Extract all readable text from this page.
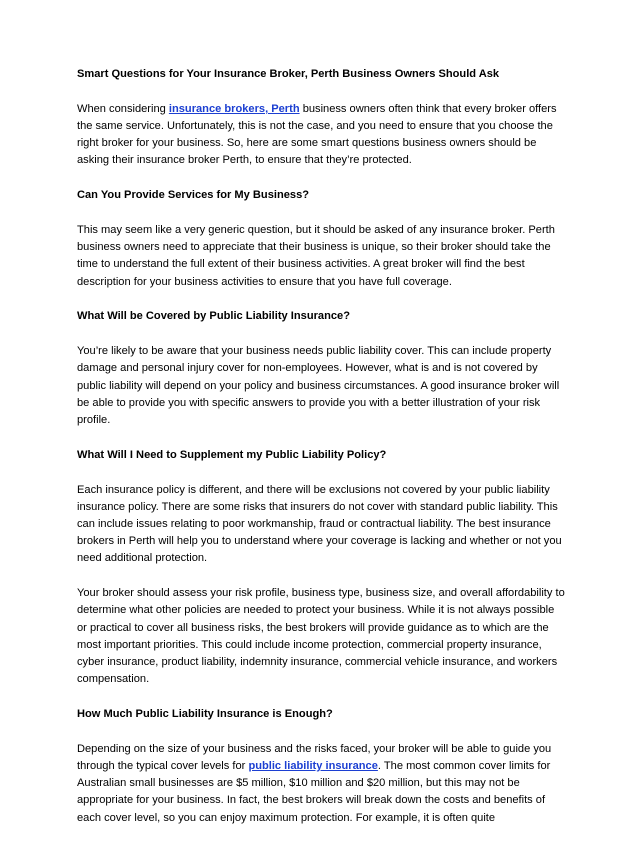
Smart Questions for Your Insurance Broker, Perth Business Owners Should Ask

When considering insurance brokers, Perth business owners often think that every broker offers the same service. Unfortunately, this is not the case, and you need to ensure that you choose the right broker for your business. So, here are some smart questions business owners should be asking their insurance broker Perth, to ensure that they’re protected.

Can You Provide Services for My Business?

This may seem like a very generic question, but it should be asked of any insurance broker. Perth business owners need to appreciate that their business is unique, so their broker should take the time to understand the full extent of their business activities. A great broker will find the best description for your business activities to ensure that you have full coverage.

What Will be Covered by Public Liability Insurance?

You’re likely to be aware that your business needs public liability cover. This can include property damage and personal injury cover for non-employees. However, what is and is not covered by public liability will depend on your policy and business circumstances. A good insurance broker will be able to provide you with specific answers to provide you with a better illustration of your risk profile.

What Will I Need to Supplement my Public Liability Policy?

Each insurance policy is different, and there will be exclusions not covered by your public liability insurance policy. There are some risks that insurers do not cover with standard public liability. This can include issues relating to poor workmanship, fraud or contractual liability. The best insurance brokers in Perth will help you to understand where your coverage is lacking and whether or not you need additional protection.

Your broker should assess your risk profile, business type, business size, and overall affordability to determine what other policies are needed to protect your business. While it is not always possible or practical to cover all business risks, the best brokers will provide guidance as to which are the most important priorities. This could include income protection, commercial property insurance, cyber insurance, product liability, indemnity insurance, commercial vehicle insurance, and workers compensation.

How Much Public Liability Insurance is Enough?

Depending on the size of your business and the risks faced, your broker will be able to guide you through the typical cover levels for public liability insurance. The most common cover limits for Australian small businesses are $5 million, $10 million and $20 million, but this may not be appropriate for your business. In fact, the best brokers will break down the costs and benefits of each cover level, so you can enjoy maximum protection. For example, it is often quite
